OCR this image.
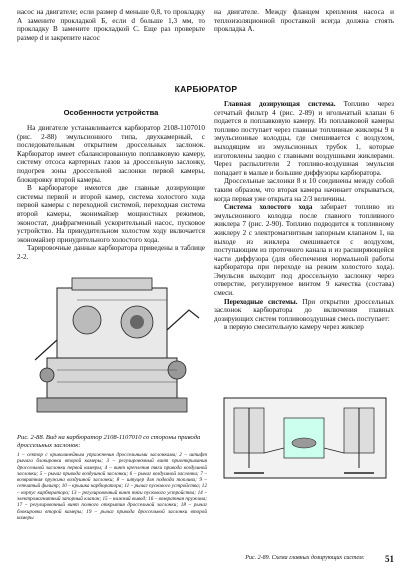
насос на двигателе; если размер d меньше 0,8, то прокладку А замените прокладкой Б, если d больше 1,3 мм, то прокладку В замените прокладкой С. Еще раз проверьте размер d и закрепите насос

на двигателе. Между фланцем крепления насоса и теплоизоляционной проставкой всегда должна стоять прокладка А.

КАРБЮРАТОР
Особенности устройства

На двигателе устанавливается карбюратор 2108-1107010 (рис. 2-88) эмульсионного типа, двухкамерный, с последовательным открытием дроссельных заслонок. Карбюратор имеет сбалансированную поплавковую камеру, систему отсоса картерных газов за дроссельную заслонку, подогрев зоны дроссельной заслонки первой камеры, блокировку второй камеры.

В карбюраторе имеются две главные дозирующие системы первой и второй камер, система холостого хода первой камеры с переходной системой, переходная система второй камеры, эконимайзер мощностных режимов, эконостат, диафрагменный ускорительный насос, пусковое устройство. На принудительном холостом ходу включается экономайзер принудительного холостого хода.

Тарировочные данные карбюратора приведены в таблице 2-2.

Главная дозирующая система. Топливо через сетчатый фильтр 4 (рис. 2-89) и игольчатый клапан 6 подается в поплавковую камеру. Из поплавковой камеры топливо поступает через главные топливные жиклеры 9 в эмульсионные колодцы, где смешивается с воздухом, выходящим из эмульсионных трубок 1, которые изготовлены заодно с главными воздушными жиклерами. Через распылители 2 топливо-воздушная эмульсия попадает в малые и большие диффузоры карбюратора.

Дроссельные заслонки 8 и 10 соединены между собой таким образом, что вторая камера начинает открываться, когда первая уже открыта на 2/3 величины.

Система холостого хода забирает топливо из эмульсионного колодца после главного топливного жиклера 7 (рис. 2-90). Топливо подводится к топливному жиклеру 2 с электромагнитным запорным клапаном 1, на выходе из жиклера смешивается с воздухом, поступающим из проточного канала и из расширяющейся части диффузора (для обеспечения нормальной работы карбюратора при переходе на режим холостого хода). Эмульсия выходит под дроссельную заслонку через отверстие, регулируемое винтом 9 качества (состава) смеси.

Переходные системы. При открытии дроссельных заслонок карбюратора до включения главных дозирующих систем топливовоздушная смесь поступает:

в первую смесительную камеру через жиклер

Рис. 2-88. Вид на карбюратор 2108-1107010 со стороны привода дроссельных заслонок:
1 – сектор с криволинейным упражнения дроссельными заслонками; 2 – штифт рычага блокировки второй камеры; 3 – регулировочный винт приоткрывания дроссельной заслонки первой камеры; 4 – винт крепления тяги привода воздушной заслонки; 5 – рычаг привода воздушной заслонки; 6 – рычаг воздушной заслонки; 7 – возвратная пружина воздушной заслонки; 8 – штуцер для подвода топлива; 9 – сетчатый фильтр; 10 – крышка карбюратора; 11 – рычаг пускового устройства; 12 – корпус карбюратора; 13 – регулировочный винт тяги пускового устройства; 14 – электромагнитный запорный клапан; 15 – нижний вывод; 16 – возвратная пружина; 17 – регулировочный винт полного открытия дроссельной заслонки; 18 – рычаг блокировки второй камеры; 19 – рычаг привода дроссельной заслонки второй камеры
Рис. 2-89. Схема главных дозирующих систем:	51
